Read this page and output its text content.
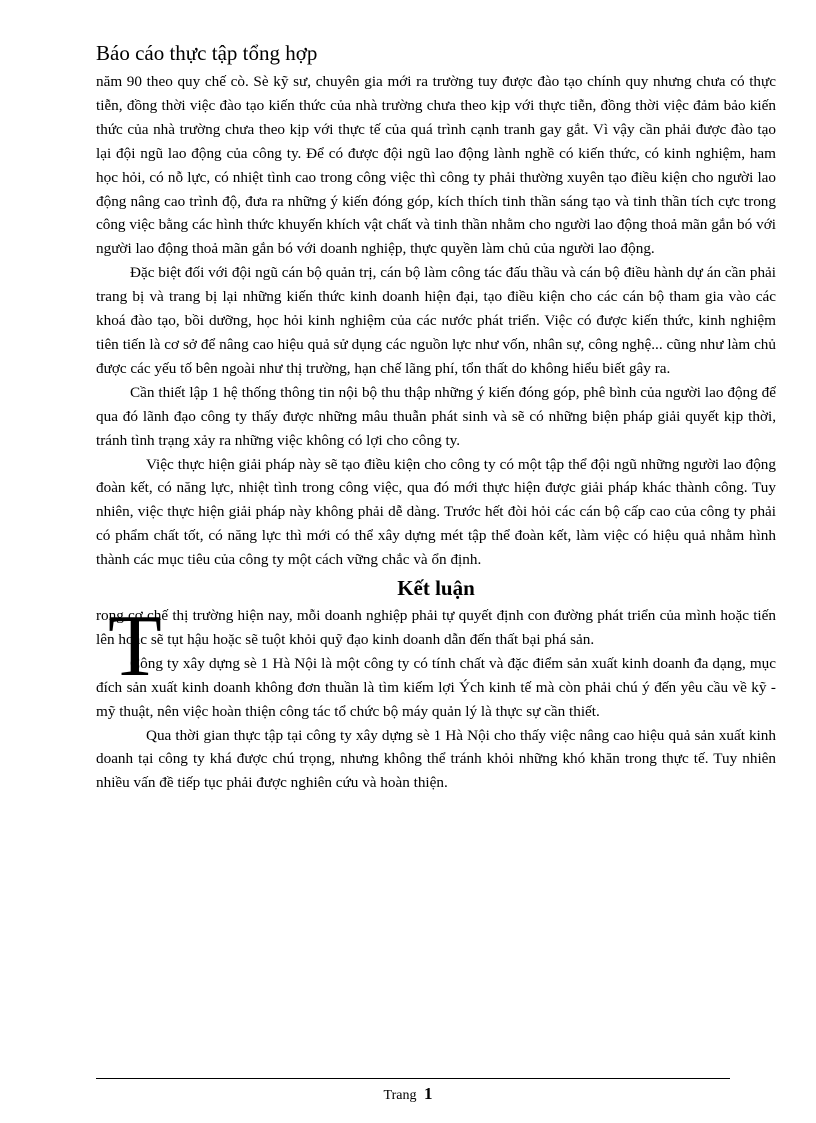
Báo cáo thực tập tổng hợp

năm 90 theo quy chế cò. Sè kỹ sư, chuyên gia mới ra trường tuy được đào tạo chính quy nhưng chưa có thực tiễn, đồng thời việc đào tạo kiến thức của nhà trường chưa theo kịp với thực tiễn, đồng thời việc đảm bảo kiến thức của nhà trường chưa theo kịp với thực tế của quá trình cạnh tranh gay gắt. Vì vậy cần phải được đào tạo lại đội ngũ lao động của công ty. Để có được đội ngũ lao động lành nghề có kiến thức, có kinh nghiệm, ham học hỏi, có nỗ lực, có nhiệt tình cao trong công việc thì công ty phải thường xuyên tạo điều kiện cho người lao động nâng cao trình độ, đưa ra những ý kiến đóng góp, kích thích tinh thần sáng tạo và tinh thần tích cực trong công việc bằng các hình thức khuyến khích vật chất và tinh thần nhằm cho người lao động thoả mãn gắn bó với người lao động thoả mãn gắn bó với doanh nghiệp, thực quyền làm chủ của người lao động.

Đặc biệt đối với đội ngũ cán bộ quản trị, cán bộ làm công tác đấu thầu và cán bộ điều hành dự án cần phải trang bị và trang bị lại những kiến thức kinh doanh hiện đại, tạo điều kiện cho các cán bộ tham gia vào các khoá đào tạo, bồi dưỡng, học hỏi kinh nghiệm của các nước phát triển. Việc có được kiến thức, kinh nghiệm tiên tiến là cơ sở để nâng cao hiệu quả sử dụng các nguồn lực như vốn, nhân sự, công nghệ... cũng như làm chủ được các yếu tố bên ngoài như thị trường, hạn chế lãng phí, tổn thất do không hiểu biết gây ra.

Cần thiết lập 1 hệ thống thông tin nội bộ thu thập những ý kiến đóng góp, phê bình của người lao động để qua đó lãnh đạo công ty thấy được những mâu thuẫn phát sinh và sẽ có những biện pháp giải quyết kịp thời, tránh tình trạng xảy ra những việc không có lợi cho công ty.

Việc thực hiện giải pháp này sẽ tạo điều kiện cho công ty có một tập thể đội ngũ những người lao động đoàn kết, có năng lực, nhiệt tình trong công việc, qua đó mới thực hiện được giải pháp khác thành công. Tuy nhiên, việc thực hiện giải pháp này không phải dễ dàng. Trước hết đòi hỏi các cán bộ cấp cao của công ty phải có phẩm chất tốt, có năng lực thì mới có thể xây dựng mét tập thể đoàn kết, làm việc có hiệu quả nhằm hình thành các mục tiêu của công ty một cách vững chắc và ổn định.

Kết luận
T

rong cơ chế thị trường hiện nay, mỗi doanh nghiệp phải tự quyết định con đường phát triển của mình hoặc tiến lên hoặc sẽ tụt hậu hoặc sẽ tuột khỏi quỹ đạo kinh doanh dẫn đến thất bại phá sản.

Công ty xây dựng sè 1 Hà Nội là một công ty có tính chất và đặc điểm sản xuất kinh doanh đa dạng, mục đích sản xuất kinh doanh không đơn thuần là tìm kiếm lợi Ých kinh tế mà còn phải chú ý đến yêu cầu về kỹ - mỹ thuật, nên việc hoàn thiện công tác tổ chức bộ máy quản lý là thực sự cần thiết.

Qua thời gian thực tập tại công ty xây dựng sè 1 Hà Nội cho thấy việc nâng cao hiệu quả sản xuất kinh doanh tại công ty khá được chú trọng, nhưng không thể tránh khỏi những khó khăn trong thực tế. Tuy nhiên nhiều vấn đề tiếp tục phải được nghiên cứu và hoàn thiện.

Trang 1
